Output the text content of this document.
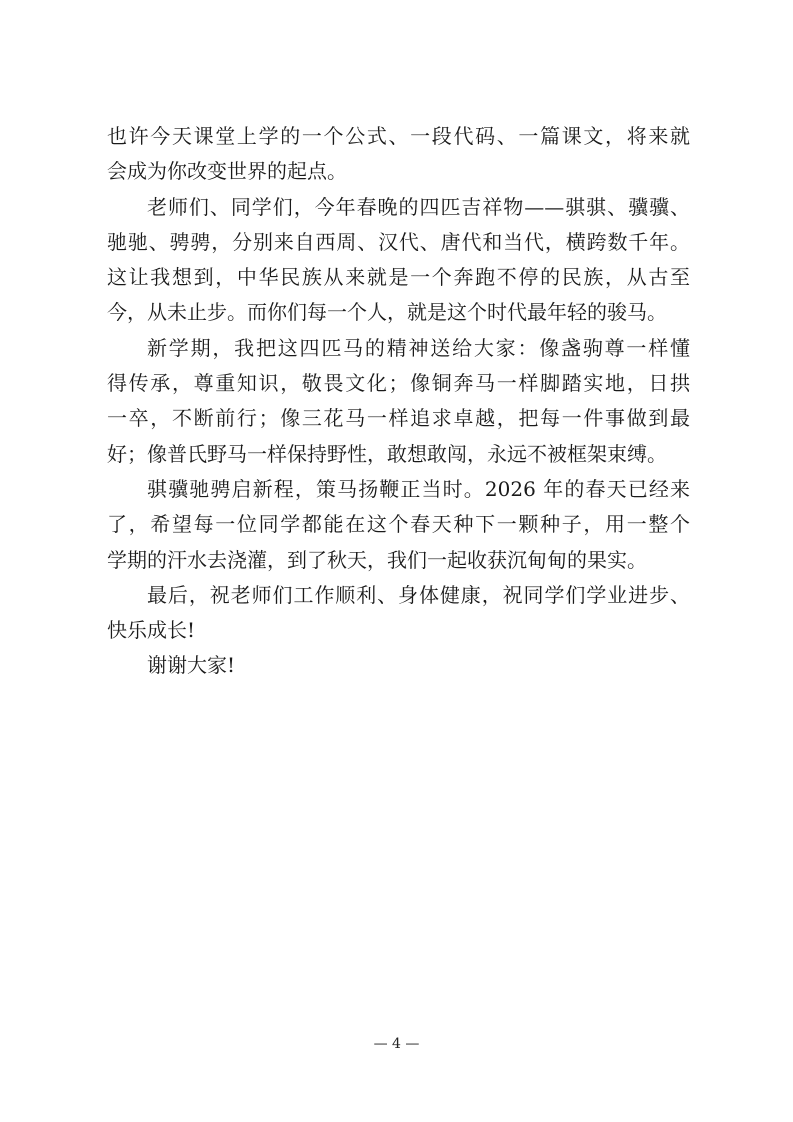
也许今天课堂上学的一个公式、一段代码、一篇课文，将来就
会成为你改变世界的起点。
老师们、同学们，今年春晚的四匹吉祥物——骐骐、骥骥、
驰驰、骋骋，分别来自西周、汉代、唐代和当代，横跨数千年。
这让我想到，中华民族从来就是一个奔跑不停的民族，从古至
今，从未止步。而你们每一个人，就是这个时代最年轻的骏马。
新学期，我把这四匹马的精神送给大家：像盏驹尊一样懂
得传承，尊重知识，敬畏文化；像铜奔马一样脚踏实地，日拱
一卒，不断前行；像三花马一样追求卓越，把每一件事做到最
好；像普氏野马一样保持野性，敢想敢闯，永远不被框架束缚。
骐骥驰骋启新程，策马扬鞭正当时。2026 年的春天已经来
了，希望每一位同学都能在这个春天种下一颗种子，用一整个
学期的汗水去浇灌，到了秋天，我们一起收获沉甸甸的果实。
最后，祝老师们工作顺利、身体健康，祝同学们学业进步、
快乐成长!
谢谢大家!
— 4 —
